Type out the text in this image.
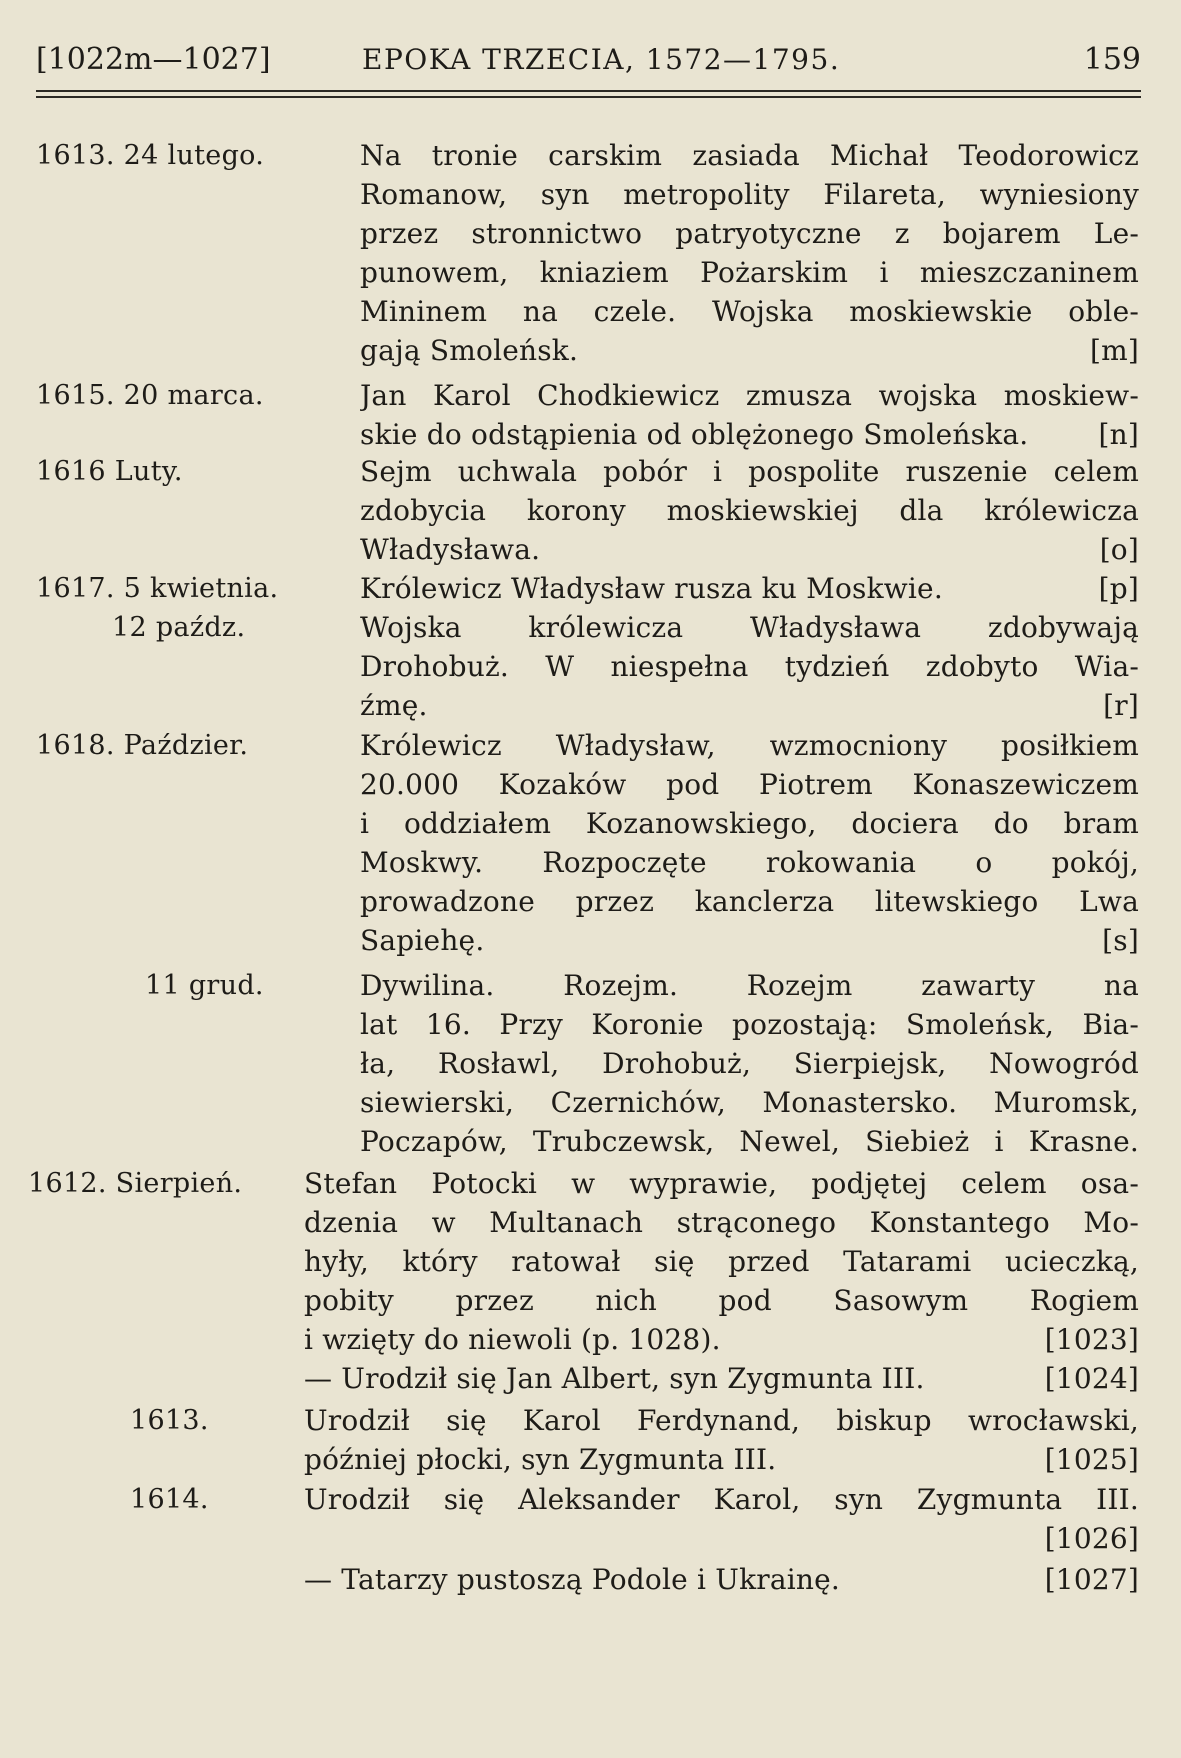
[1022m—1027]	EPOKA TRZECIA, 1572—1795.	159
1613. 24 lutego.	Na tronie carskim zasiada Michał Teodorowicz
Romanow, syn metropolity Filareta, wyniesiony
przez stronnictwo patryotyczne z bojarem Le-
punowem, kniaziem Pożarskim i mieszczaninem
Mininem na czele. Wojska moskiewskie oble-
gają Smoleńsk.	[m]
1615. 20 marca.	Jan Karol Chodkiewicz zmusza wojska moskiew-
skie do odstąpienia od oblężonego Smoleńska.	[n]
1616 Luty.	Sejm uchwala pobór i pospolite ruszenie celem
zdobycia korony moskiewskiej dla królewicza
Władysława.	[o]
1617. 5 kwietnia.	Królewicz Władysław rusza ku Moskwie.	[p]
12 paźdz.	Wojska królewicza Władysława zdobywają
Drohobuż. W niespełna tydzień zdobyto Wia-
źmę.	[r]
1618. Paździer.	Królewicz Władysław, wzmocniony posiłkiem
20.000 Kozaków pod Piotrem Konaszewiczem
i oddziałem Kozanowskiego, dociera do bram
Moskwy. Rozpoczęte rokowania o pokój,
prowadzone przez kanclerza litewskiego Lwa
Sapiehę.	[s]
11 grud.	Dywilina. Rozejm. Rozejm zawarty na
lat 16. Przy Koronie pozostają: Smoleńsk, Bia-
ła, Rosławl, Drohobuż, Sierpiejsk, Nowogród
siewierski, Czernichów, Monastersko. Muromsk,
Poczapów, Trubczewsk, Newel, Siebież i Krasne.
1612. Sierpień. Stefan Potocki w wyprawie, podjętej celem osa-
dzenia w Multanach strąconego Konstantego Mo-
hyły, który ratował się przed Tatarami ucieczką,
pobity przez nich pod Sasowym Rogiem
i wzięty do niewoli (p. 1028).	[1023]
— Urodził się Jan Albert, syn Zygmunta III.	[1024]
1613.	Urodził się Karol Ferdynand, biskup wrocławski,
później płocki, syn Zygmunta III.	[1025]
1614.	Urodził się Aleksander Karol, syn Zygmunta III.
[1026]
— Tatarzy pustoszą Podole i Ukrainę.	[1027]
